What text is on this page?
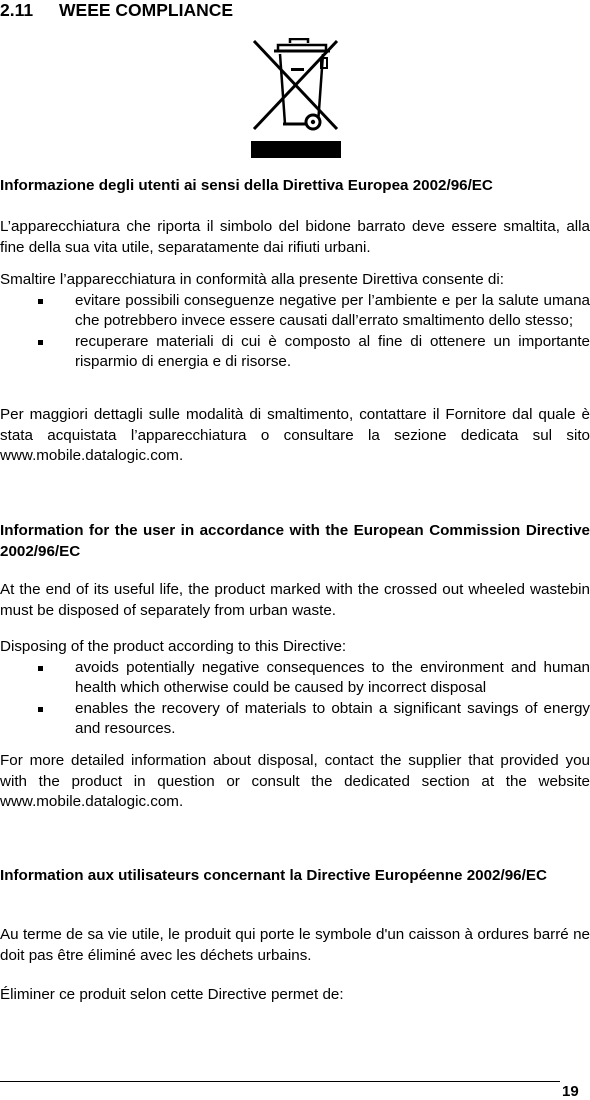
2.11 WEEE COMPLIANCE

Informazione degli utenti ai sensi della Direttiva Europea 2002/96/EC

L’apparecchiatura che riporta il simbolo del bidone barrato deve essere smaltita, alla fine della sua vita utile, separatamente dai rifiuti urbani.

Smaltire l’apparecchiatura in conformità alla presente Direttiva consente di:

evitare possibili conseguenze negative per l’ambiente e per la salute umana che potrebbero invece essere causati dall’errato smaltimento dello stesso;
recuperare materiali di cui è composto al fine di ottenere un importante risparmio di energia e di risorse.

Per maggiori dettagli sulle modalità di smaltimento, contattare il Fornitore dal quale è stata acquistata l’apparecchiatura o consultare la sezione dedicata sul sito www.mobile.datalogic.com.

Information for the user in accordance with the European Commission Directive 2002/96/EC

At the end of its useful life, the product marked with the crossed out wheeled wastebin must be disposed of separately from urban waste.

Disposing of the product according to this Directive:

avoids potentially negative consequences to the environment and human health which otherwise could be caused by incorrect disposal
enables the recovery of materials to obtain a significant savings of energy and resources.

For more detailed information about disposal, contact the supplier that provided you with the product in question or consult the dedicated section at the website www.mobile.datalogic.com.

Information aux utilisateurs concernant la Directive Européenne 2002/96/EC

Au terme de sa vie utile, le produit qui porte le symbole d'un caisson à ordures barré ne doit pas être éliminé avec les déchets urbains.

Éliminer ce produit selon cette Directive permet de:

19
